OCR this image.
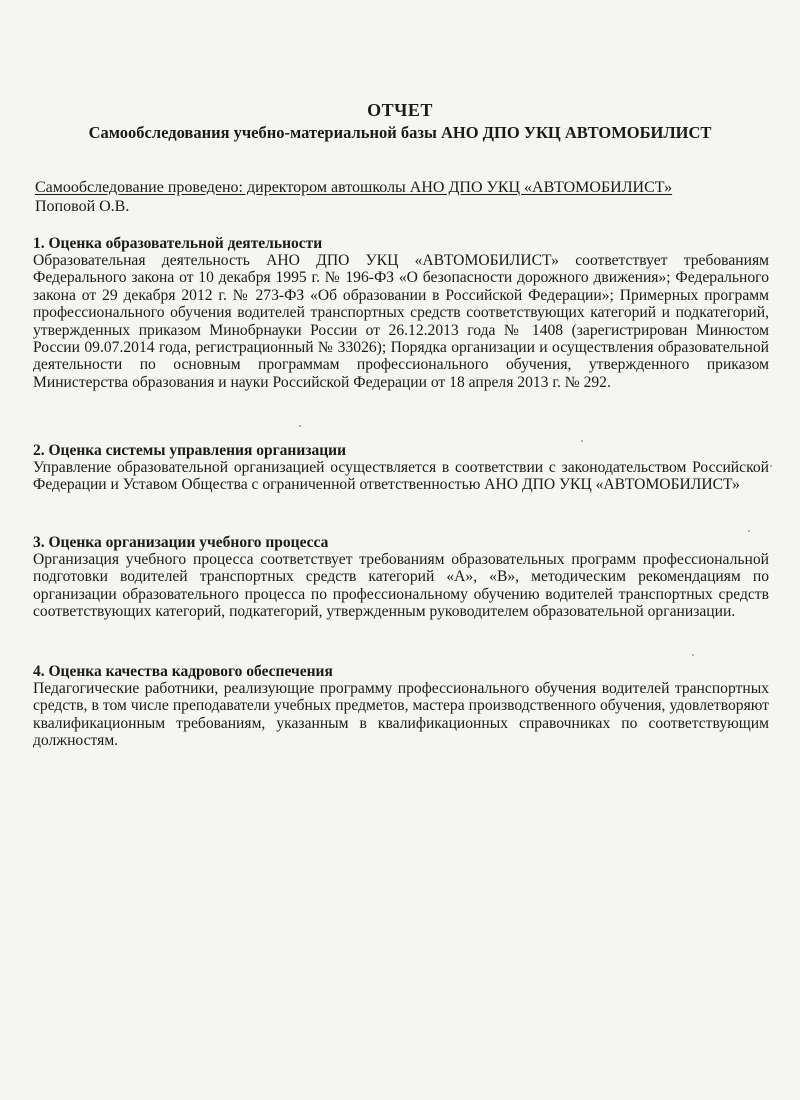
ОТЧЕТ
Самообследования учебно-материальной базы АНО ДПО УКЦ АВТОМОБИЛИСТ
Самообследование проведено: директором автошколы АНО ДПО УКЦ «АВТОМОБИЛИСТ»
Поповой О.В.
1. Оценка образовательной деятельности

Образовательная деятельность АНО ДПО УКЦ «АВТОМОБИЛИСТ» соответствует требованиям Федерального закона от 10 декабря 1995 г. № 196-ФЗ «О безопасности дорожного движения»; Федерального закона от 29 декабря 2012 г. № 273-ФЗ «Об образовании в Российской Федерации»; Примерных программ профессионального обучения водителей транспортных средств соответствующих категорий и подкатегорий, утвержденных приказом Минобрнауки России от 26.12.2013 года № 1408 (зарегистрирован Минюстом России 09.07.2014 года, регистрационный № 33026); Порядка организации и осуществления образовательной деятельности по основным программам профессионального обучения, утвержденного приказом Министерства образования и науки Российской Федерации от 18 апреля 2013 г. № 292.

2. Оценка системы управления организации

Управление образовательной организацией осуществляется в соответствии с законодательством Российской Федерации и Уставом Общества с ограниченной ответственностью АНО ДПО УКЦ «АВТОМОБИЛИСТ»

3. Оценка организации учебного процесса

Организация учебного процесса соответствует требованиям образовательных программ профессиональной подготовки водителей транспортных средств категорий «А», «В», методическим рекомендациям по организации образовательного процесса по профессиональному обучению водителей транспортных средств соответствующих категорий, подкатегорий, утвержденным руководителем образовательной организации.

4. Оценка качества кадрового обеспечения

Педагогические работники, реализующие программу профессионального обучения водителей транспортных средств, в том числе преподаватели учебных предметов, мастера производственного обучения, удовлетворяют квалификационным требованиям, указанным в квалификационных справочниках по соответствующим должностям.
